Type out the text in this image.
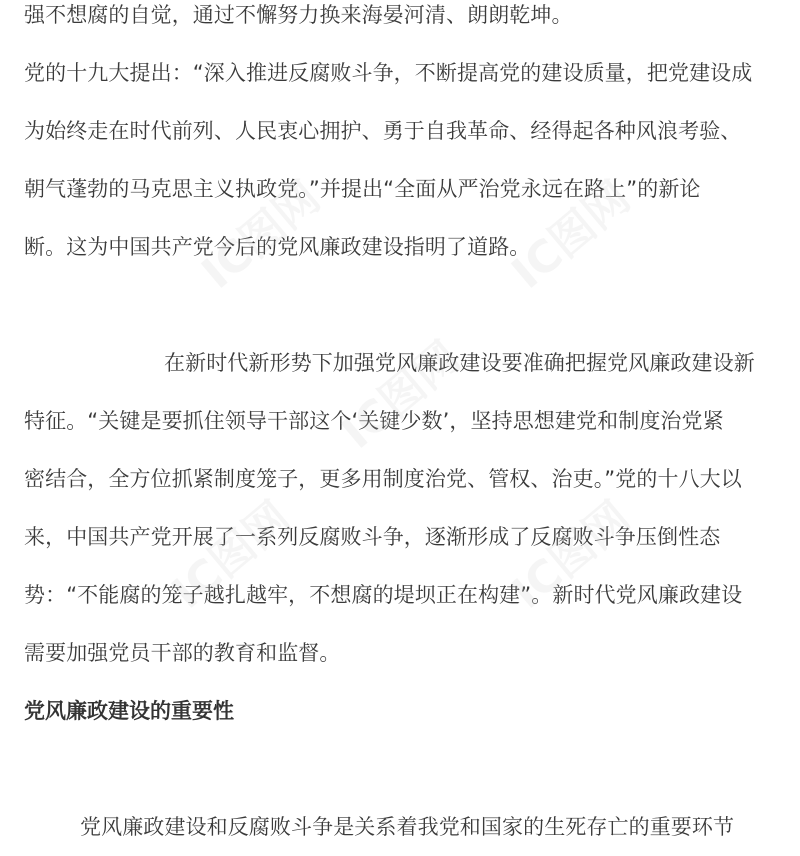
强不想腐的自觉，通过不懈努力换来海晏河清、朗朗乾坤。
党的十九大提出：“深入推进反腐败斗争，不断提高党的建设质量，把党建设成
为始终走在时代前列、人民衷心拥护、勇于自我革命、经得起各种风浪考验、
朝气蓬勃的马克思主义执政党。”并提出“全面从严治党永远在路上”的新论
断。这为中国共产党今后的党风廉政建设指明了道路。
在新时代新形势下加强党风廉政建设要准确把握党风廉政建设新
特征。“关键是要抓住领导干部这个‘关键少数’，坚持思想建党和制度治党紧
密结合，全方位抓紧制度笼子，更多用制度治党、管权、治吏。”党的十八大以
来，中国共产党开展了一系列反腐败斗争，逐渐形成了反腐败斗争压倒性态
势：“不能腐的笼子越扎越牢，不想腐的堤坝正在构建”。新时代党风廉政建设
需要加强党员干部的教育和监督。
党风廉政建设的重要性
党风廉政建设和反腐败斗争是关系着我党和国家的生死存亡的重要环节
IC图网	IC图网
IC图网
IC图网	IC图网
